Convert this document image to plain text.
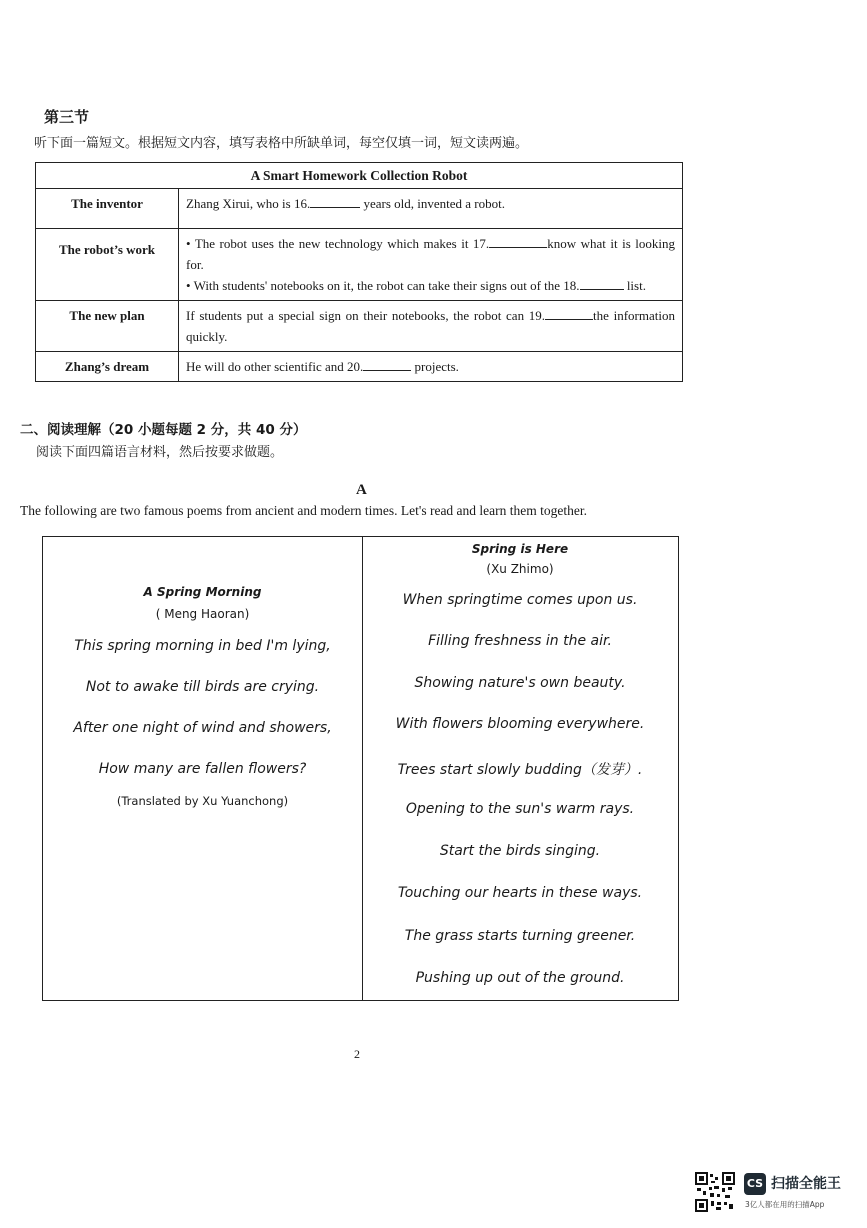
第三节
听下面一篇短文。根据短文内容，填写表格中所缺单词，每空仅填一词，短文读两遍。
A Smart Homework Collection Robot	
The inventor	Zhang Xirui, who is 16. years old, invented a robot.
The robot’s work	• The robot uses the new technology which makes it 17. know what it is looking for.
• With students' notebooks on it, the robot can take their signs out of the 18. list.

The new plan	If students put a special sign on their notebooks, the robot can 19. the information quickly.
Zhang’s dream	He will do other scientific and 20. projects.
二、阅读理解（20 小题每题 2 分，共 40 分）
阅读下面四篇语言材料，然后按要求做题。
A
The following are two famous poems from ancient and modern times. Let's read and learn them together.
A Spring Morning
( Meng Haoran)
This spring morning in bed I'm lying,
Not to awake till birds are crying.
After one night of wind and showers,
How many are fallen flowers?
(Translated by Xu Yuanchong)
Spring is Here
(Xu Zhimo)
When springtime comes upon us.
Filling freshness in the air.
Showing nature's own beauty.
With flowers blooming everywhere.
Trees start slowly budding（发芽）.
Opening to the sun's warm rays.
Start the birds singing.
Touching our hearts in these ways.
The grass starts turning greener.
Pushing up out of the ground.
2
CS 扫描全能王
3亿人都在用的扫描App
